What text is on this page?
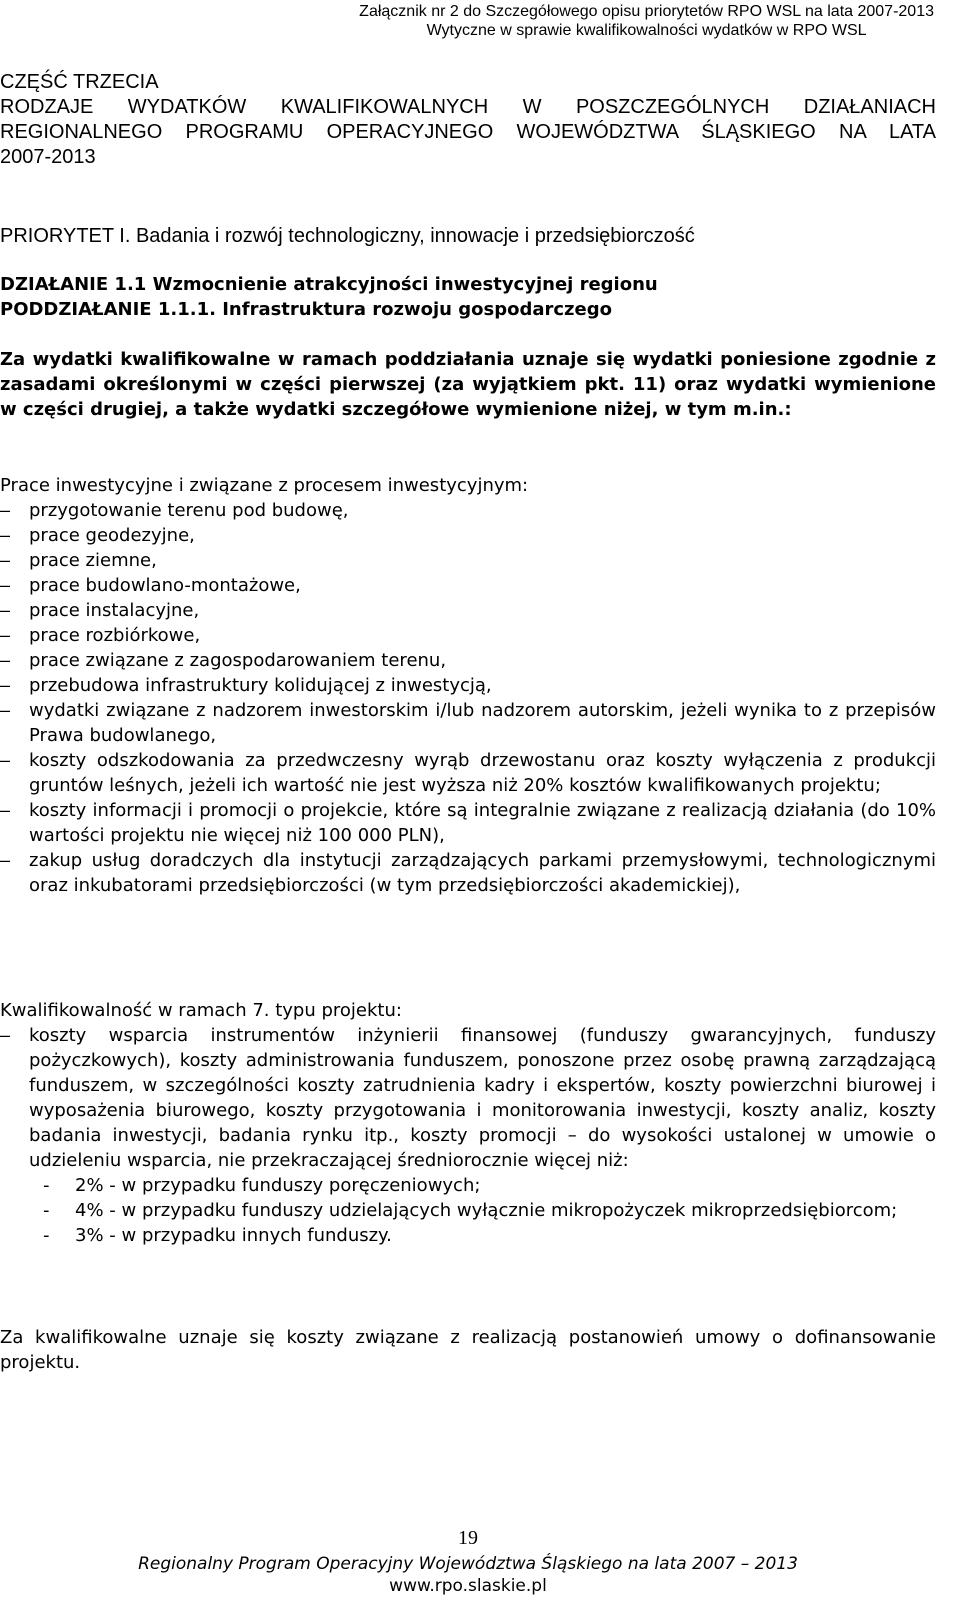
Załącznik nr 2 do Szczegółowego opisu priorytetów RPO WSL na lata 2007-2013
Wytyczne w sprawie kwalifikowalności wydatków w RPO WSL
CZĘŚĆ TRZECIA
RODZAJE WYDATKÓW KWALIFIKOWALNYCH W POSZCZEGÓLNYCH DZIAŁANIACH
REGIONALNEGO PROGRAMU OPERACYJNEGO WOJEWÓDZTWA ŚLĄSKIEGO NA LATA
2007-2013
PRIORYTET I. Badania i rozwój technologiczny, innowacje i przedsiębiorczość
DZIAŁANIE 1.1 Wzmocnienie atrakcyjności inwestycyjnej regionu
PODDZIAŁANIE 1.1.1. Infrastruktura rozwoju gospodarczego
Za wydatki kwalifikowalne w ramach poddziałania uznaje się wydatki poniesione zgodnie z zasadami określonymi w części pierwszej (za wyjątkiem pkt. 11) oraz wydatki wymienione w części drugiej, a także wydatki szczegółowe wymienione niżej, w tym m.in.:
Prace inwestycyjne i związane z procesem inwestycyjnym:
– przygotowanie terenu pod budowę,
– prace geodezyjne,
– prace ziemne,
– prace budowlano-montażowe,
– prace instalacyjne,
– prace rozbiórkowe,
– prace związane z zagospodarowaniem terenu,
– przebudowa infrastruktury kolidującej z inwestycją,
– wydatki związane z nadzorem inwestorskim i/lub nadzorem autorskim, jeżeli wynika to z przepisów Prawa budowlanego,
– koszty odszkodowania za przedwczesny wyrąb drzewostanu oraz koszty wyłączenia z produkcji gruntów leśnych, jeżeli ich wartość nie jest wyższa niż 20% kosztów kwalifikowanych projektu;
– koszty informacji i promocji o projekcie, które są integralnie związane z realizacją działania (do 10% wartości projektu nie więcej niż 100 000 PLN),
– zakup usług doradczych dla instytucji zarządzających parkami przemysłowymi, technologicznymi oraz inkubatorami przedsiębiorczości (w tym przedsiębiorczości akademickiej),
Kwalifikowalność w ramach 7. typu projektu:
– koszty wsparcia instrumentów inżynierii finansowej (funduszy gwarancyjnych, funduszy pożyczkowych), koszty administrowania funduszem, ponoszone przez osobę prawną zarządzającą funduszem, w szczególności koszty zatrudnienia kadry i ekspertów, koszty powierzchni biurowej i wyposażenia biurowego, koszty przygotowania i monitorowania inwestycji, koszty analiz, koszty badania inwestycji, badania rynku itp., koszty promocji – do wysokości ustalonej w umowie o udzieleniu wsparcia, nie przekraczającej średniorocznie więcej niż:
- 2% - w przypadku funduszy poręczeniowych;
- 4% - w przypadku funduszy udzielających wyłącznie mikropożyczek mikroprzedsiębiorcom;
- 3% - w przypadku innych funduszy.
Za kwalifikowalne uznaje się koszty związane z realizacją postanowień umowy o dofinansowanie projektu.
19
Regionalny Program Operacyjny Województwa Śląskiego na lata 2007 – 2013
www.rpo.slaskie.pl
